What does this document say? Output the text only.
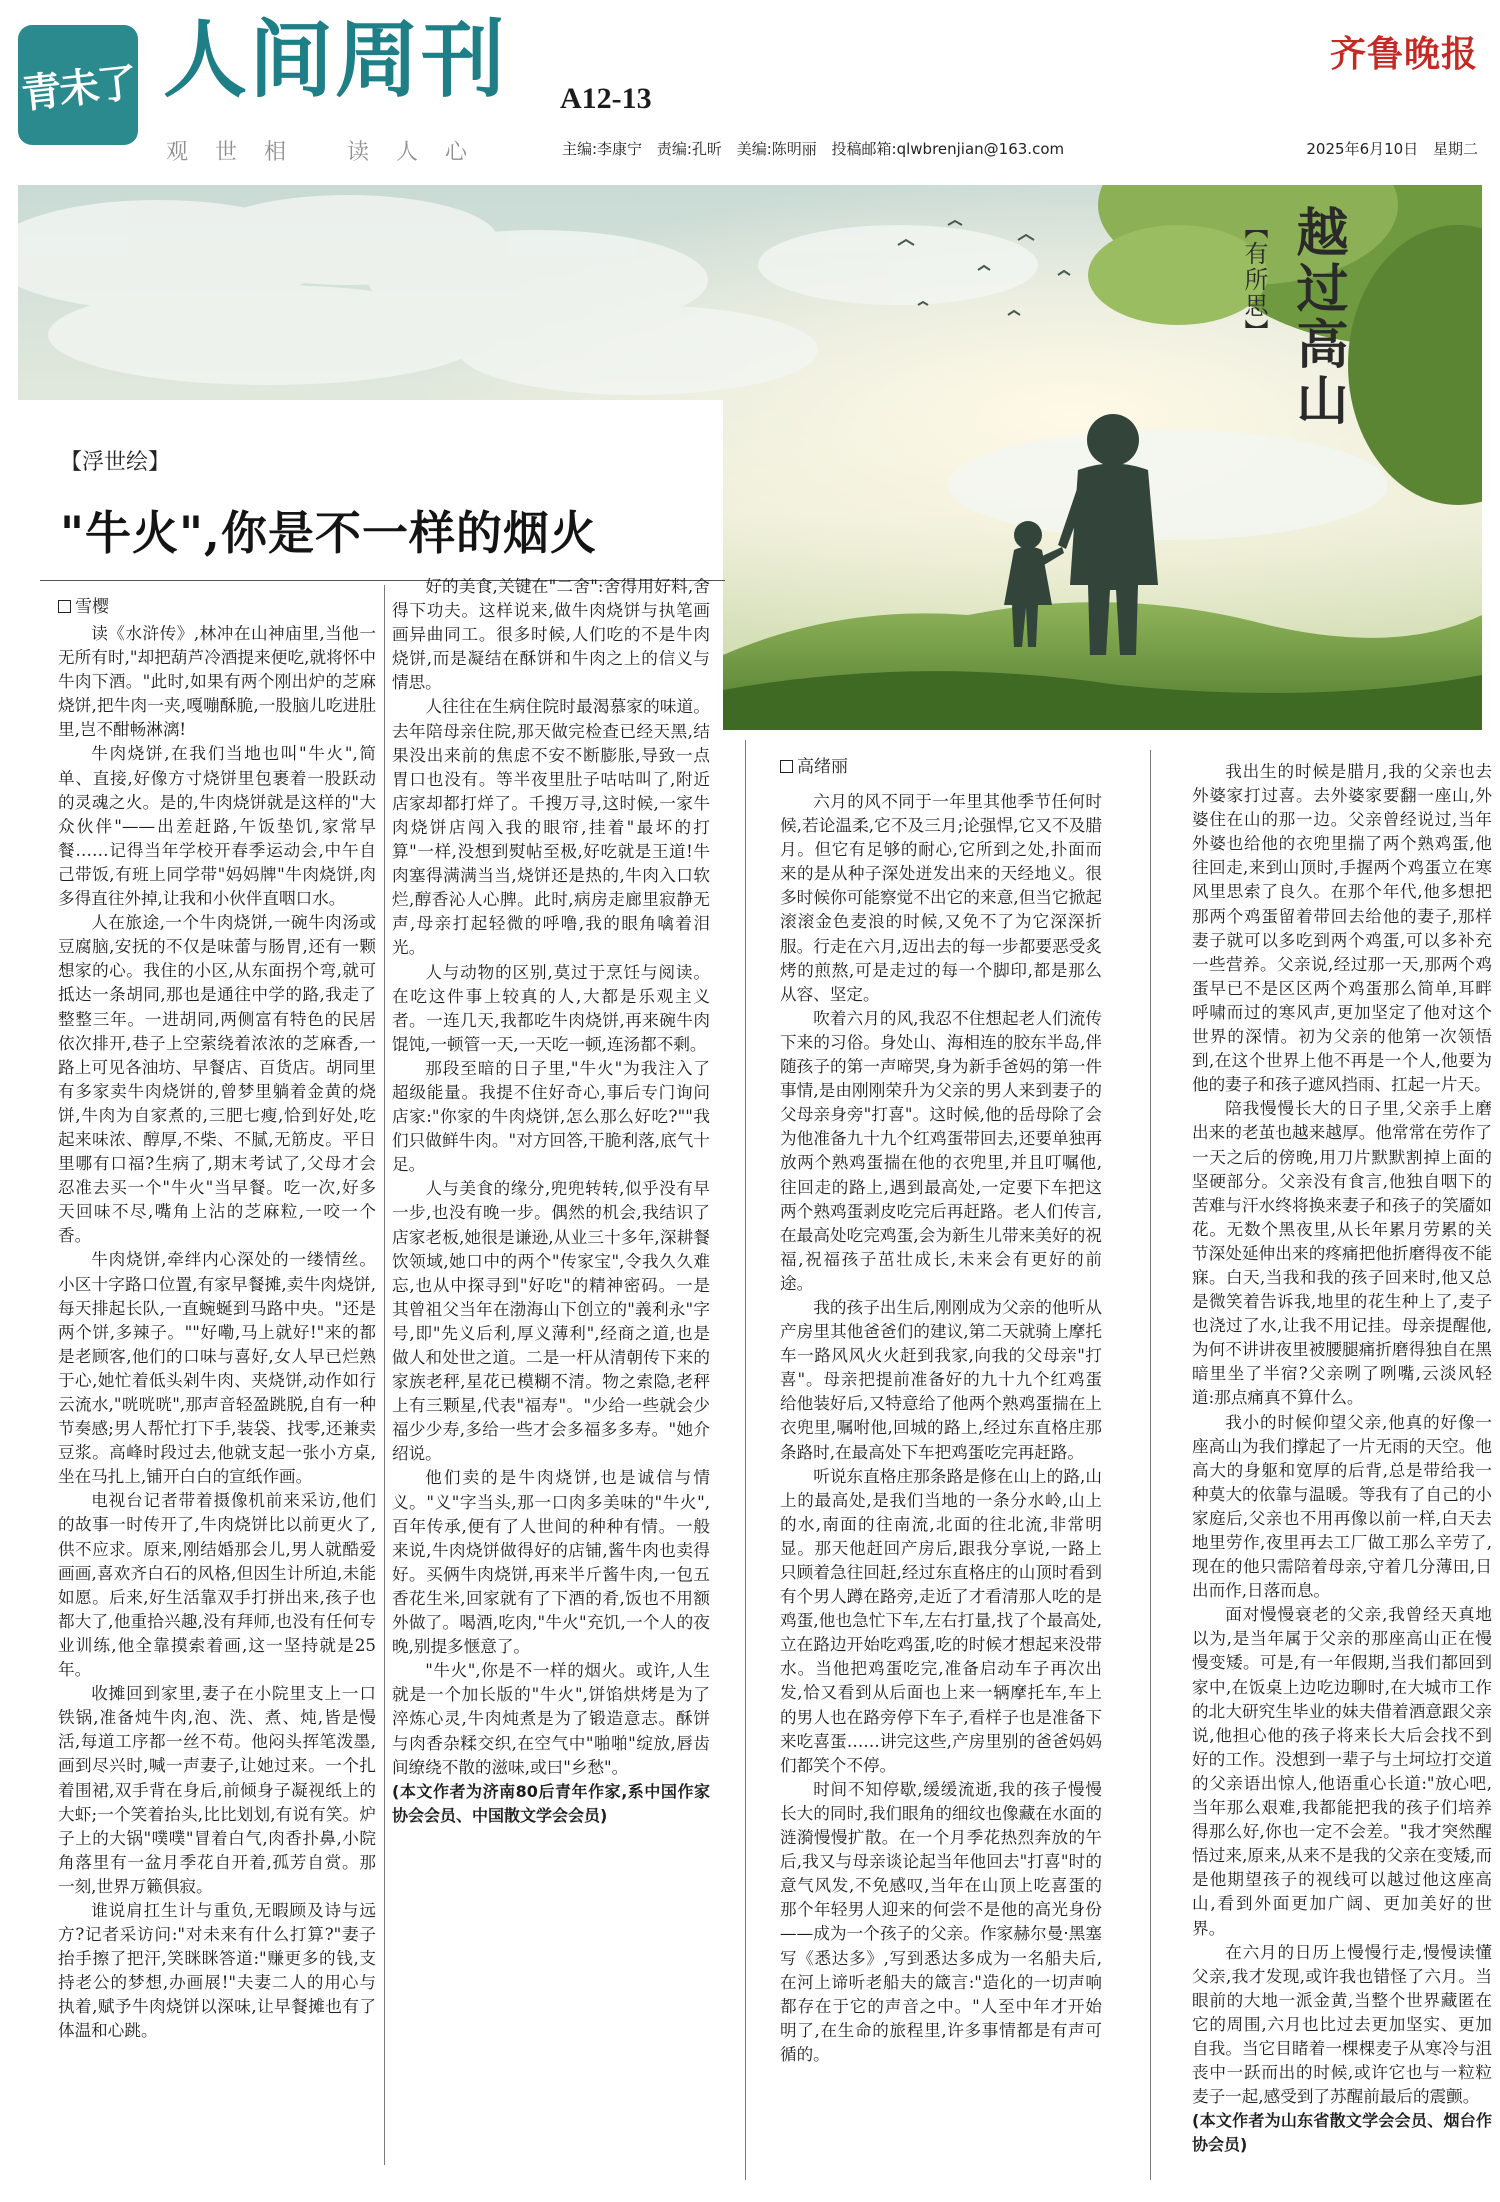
青未了 人间周刊 A12-13
齐鲁晚报
观世相 读人心	主编:李康宁 责编:孔昕 美编:陈明丽 投稿邮箱:qlwbrenjian@163.com	2025年6月10日 星期二
【有所思】 越过高山
【浮世绘】
"牛火",你是不一样的烟火
雪樱

读《水浒传》,林冲在山神庙里,当他一无所有时,"却把葫芦冷酒提来便吃,就将怀中牛肉下酒。"此时,如果有两个刚出炉的芝麻烧饼,把牛肉一夹,嘎嘣酥脆,一股脑儿吃进肚里,岂不酣畅淋漓!

牛肉烧饼,在我们当地也叫"牛火",简单、直接,好像方寸烧饼里包裹着一股跃动的灵魂之火。是的,牛肉烧饼就是这样的"大众伙伴"——出差赶路,午饭垫饥,家常早餐……记得当年学校开春季运动会,中午自己带饭,有班上同学带"妈妈牌"牛肉烧饼,肉多得直往外掉,让我和小伙伴直咽口水。

人在旅途,一个牛肉烧饼,一碗牛肉汤或豆腐脑,安抚的不仅是味蕾与肠胃,还有一颗想家的心。我住的小区,从东面拐个弯,就可抵达一条胡同,那也是通往中学的路,我走了整整三年。一进胡同,两侧富有特色的民居依次排开,巷子上空萦绕着浓浓的芝麻香,一路上可见各油坊、早餐店、百货店。胡同里有多家卖牛肉烧饼的,曾梦里躺着金黄的烧饼,牛肉为自家煮的,三肥七瘦,恰到好处,吃起来味浓、醇厚,不柴、不腻,无筋皮。平日里哪有口福?生病了,期末考试了,父母才会忍准去买一个"牛火"当早餐。吃一次,好多天回味不尽,嘴角上沾的芝麻粒,一咬一个香。

牛肉烧饼,牵绊内心深处的一缕情丝。小区十字路口位置,有家早餐摊,卖牛肉烧饼,每天排起长队,一直蜿蜒到马路中央。"还是两个饼,多辣子。""好嘞,马上就好!"来的都是老顾客,他们的口味与喜好,女人早已烂熟于心,她忙着低头剁牛肉、夹烧饼,动作如行云流水,"咣咣咣",那声音轻盈跳脱,自有一种节奏感;男人帮忙打下手,装袋、找零,还兼卖豆浆。高峰时段过去,他就支起一张小方桌,坐在马扎上,铺开白白的宣纸作画。

电视台记者带着摄像机前来采访,他们的故事一时传开了,牛肉烧饼比以前更火了,供不应求。原来,刚结婚那会儿,男人就酷爱画画,喜欢齐白石的风格,但因生计所迫,未能如愿。后来,好生活靠双手打拼出来,孩子也都大了,他重拾兴趣,没有拜师,也没有任何专业训练,他全靠摸索着画,这一坚持就是25年。

收摊回到家里,妻子在小院里支上一口铁锅,准备炖牛肉,泡、洗、煮、炖,皆是慢活,每道工序都一丝不苟。他闷头挥笔泼墨,画到尽兴时,喊一声妻子,让她过来。一个扎着围裙,双手背在身后,前倾身子凝视纸上的大虾;一个笑着抬头,比比划划,有说有笑。炉子上的大锅"噗噗"冒着白气,肉香扑鼻,小院角落里有一盆月季花自开着,孤芳自赏。那一刻,世界万籁俱寂。

谁说肩扛生计与重负,无暇顾及诗与远方?记者采访问:"对未来有什么打算?"妻子抬手擦了把汗,笑眯眯答道:"赚更多的钱,支持老公的梦想,办画展!"夫妻二人的用心与执着,赋予牛肉烧饼以深味,让早餐摊也有了体温和心跳。

好的美食,关键在"二舍":舍得用好料,舍得下功夫。这样说来,做牛肉烧饼与执笔画画异曲同工。很多时候,人们吃的不是牛肉烧饼,而是凝结在酥饼和牛肉之上的信义与情思。

人往往在生病住院时最渴慕家的味道。去年陪母亲住院,那天做完检查已经天黑,结果没出来前的焦虑不安不断膨胀,导致一点胃口也没有。等半夜里肚子咕咕叫了,附近店家却都打烊了。千搜万寻,这时候,一家牛肉烧饼店闯入我的眼帘,挂着"最坏的打算"一样,没想到熨帖至极,好吃就是王道!牛肉塞得满满当当,烧饼还是热的,牛肉入口软烂,醇香沁人心脾。此时,病房走廊里寂静无声,母亲打起轻微的呼噜,我的眼角噙着泪光。

人与动物的区别,莫过于烹饪与阅读。在吃这件事上较真的人,大都是乐观主义者。一连几天,我都吃牛肉烧饼,再来碗牛肉馄饨,一顿管一天,一天吃一顿,连汤都不剩。

那段至暗的日子里,"牛火"为我注入了超级能量。我提不住好奇心,事后专门询问店家:"你家的牛肉烧饼,怎么那么好吃?""我们只做鲜牛肉。"对方回答,干脆利落,底气十足。

人与美食的缘分,兜兜转转,似乎没有早一步,也没有晚一步。偶然的机会,我结识了店家老板,她很是谦逊,从业三十多年,深耕餐饮领域,她口中的两个"传家宝",令我久久难忘,也从中探寻到"好吃"的精神密码。一是其曾祖父当年在渤海山下创立的"義利永"字号,即"先义后利,厚义薄利",经商之道,也是做人和处世之道。二是一杆从清朝传下来的家族老秤,星花已模糊不清。物之索隐,老秤上有三颗星,代表"福寿"。"少给一些就会少福少少寿,多给一些才会多福多多寿。"她介绍说。

他们卖的是牛肉烧饼,也是诚信与情义。"义"字当头,那一口肉多美味的"牛火",百年传承,便有了人世间的种种有情。一般来说,牛肉烧饼做得好的店铺,酱牛肉也卖得好。买俩牛肉烧饼,再来半斤酱牛肉,一包五香花生米,回家就有了下酒的肴,饭也不用额外做了。喝酒,吃肉,"牛火"充饥,一个人的夜晚,别提多惬意了。

"牛火",你是不一样的烟火。或许,人生就是一个加长版的"牛火",饼馅烘烤是为了淬炼心灵,牛肉炖煮是为了锻造意志。酥饼与肉香杂糅交织,在空气中"啪啪"绽放,唇齿间缭绕不散的滋味,或曰"乡愁"。

(本文作者为济南80后青年作家,系中国作家协会会员、中国散文学会会员)

高绪丽

六月的风不同于一年里其他季节任何时候,若论温柔,它不及三月;论强悍,它又不及腊月。但它有足够的耐心,它所到之处,扑面而来的是从种子深处迸发出来的天经地义。很多时候你可能察觉不出它的来意,但当它掀起滚滚金色麦浪的时候,又免不了为它深深折服。行走在六月,迈出去的每一步都要恶受炙烤的煎熬,可是走过的每一个脚印,都是那么从容、坚定。

吹着六月的风,我忍不住想起老人们流传下来的习俗。身处山、海相连的胶东半岛,伴随孩子的第一声啼哭,身为新手爸妈的第一件事情,是由刚刚荣升为父亲的男人来到妻子的父母亲身旁"打喜"。这时候,他的岳母除了会为他准备九十九个红鸡蛋带回去,还要单独再放两个熟鸡蛋揣在他的衣兜里,并且叮嘱他,往回走的路上,遇到最高处,一定要下车把这两个熟鸡蛋剥皮吃完后再赶路。老人们传言,在最高处吃完鸡蛋,会为新生儿带来美好的祝福,祝福孩子茁壮成长,未来会有更好的前途。

我的孩子出生后,刚刚成为父亲的他听从产房里其他爸爸们的建议,第二天就骑上摩托车一路风风火火赶到我家,向我的父母亲"打喜"。母亲把提前准备好的九十九个红鸡蛋给他装好后,又特意给了他两个熟鸡蛋揣在上衣兜里,嘱咐他,回城的路上,经过东直格庄那条路时,在最高处下车把鸡蛋吃完再赶路。

听说东直格庄那条路是修在山上的路,山上的最高处,是我们当地的一条分水岭,山上的水,南面的往南流,北面的往北流,非常明显。那天他赶回产房后,跟我分享说,一路上只顾着急往回赶,经过东直格庄的山顶时看到有个男人蹲在路旁,走近了才看清那人吃的是鸡蛋,他也急忙下车,左右打量,找了个最高处,立在路边开始吃鸡蛋,吃的时候才想起来没带水。当他把鸡蛋吃完,准备启动车子再次出发,恰又看到从后面也上来一辆摩托车,车上的男人也在路旁停下车子,看样子也是准备下来吃喜蛋……讲完这些,产房里别的爸爸妈妈们都笑个不停。

时间不知停歇,缓缓流逝,我的孩子慢慢长大的同时,我们眼角的细纹也像藏在水面的涟漪慢慢扩散。在一个月季花热烈奔放的午后,我又与母亲谈论起当年他回去"打喜"时的意气风发,不免感叹,当年在山顶上吃喜蛋的那个年轻男人迎来的何尝不是他的高光身份——成为一个孩子的父亲。作家赫尔曼·黑塞写《悉达多》,写到悉达多成为一名船夫后,在河上谛听老船夫的箴言:"造化的一切声响都存在于它的声音之中。"人至中年才开始明了,在生命的旅程里,许多事情都是有声可循的。

我出生的时候是腊月,我的父亲也去外婆家打过喜。去外婆家要翻一座山,外婆住在山的那一边。父亲曾经说过,当年外婆也给他的衣兜里揣了两个熟鸡蛋,他往回走,来到山顶时,手握两个鸡蛋立在寒风里思索了良久。在那个年代,他多想把那两个鸡蛋留着带回去给他的妻子,那样妻子就可以多吃到两个鸡蛋,可以多补充一些营养。父亲说,经过那一天,那两个鸡蛋早已不是区区两个鸡蛋那么简单,耳畔呼啸而过的寒风声,更加坚定了他对这个世界的深情。初为父亲的他第一次领悟到,在这个世界上他不再是一个人,他要为他的妻子和孩子遮风挡雨、扛起一片天。

陪我慢慢长大的日子里,父亲手上磨出来的老茧也越来越厚。他常常在劳作了一天之后的傍晚,用刀片默默割掉上面的坚硬部分。父亲没有食言,他独自咽下的苦难与汗水终将换来妻子和孩子的笑靥如花。无数个黑夜里,从长年累月劳累的关节深处延伸出来的疼痛把他折磨得夜不能寐。白天,当我和我的孩子回来时,他又总是微笑着告诉我,地里的花生种上了,麦子也浇过了水,让我不用记挂。母亲提醒他,为何不讲讲夜里被腰腿痛折磨得独自在黑暗里坐了半宿?父亲咧了咧嘴,云淡风轻道:那点痛真不算什么。

我小的时候仰望父亲,他真的好像一座高山为我们撑起了一片无雨的天空。他高大的身躯和宽厚的后背,总是带给我一种莫大的依靠与温暖。等我有了自己的小家庭后,父亲也不用再像以前一样,白天去地里劳作,夜里再去工厂做工那么辛劳了,现在的他只需陪着母亲,守着几分薄田,日出而作,日落而息。

面对慢慢衰老的父亲,我曾经天真地以为,是当年属于父亲的那座高山正在慢慢变矮。可是,有一年假期,当我们都回到家中,在饭桌上边吃边聊时,在大城市工作的北大研究生毕业的妹夫借着酒意跟父亲说,他担心他的孩子将来长大后会找不到好的工作。没想到一辈子与土坷垃打交道的父亲语出惊人,他语重心长道:"放心吧,当年那么艰难,我都能把我的孩子们培养得那么好,你也一定不会差。"我才突然醒悟过来,原来,从来不是我的父亲在变矮,而是他期望孩子的视线可以越过他这座高山,看到外面更加广阔、更加美好的世界。

在六月的日历上慢慢行走,慢慢读懂父亲,我才发现,或许我也错怪了六月。当眼前的大地一派金黄,当整个世界藏匿在它的周围,六月也比过去更加坚实、更加自我。当它目睹着一棵棵麦子从寒冷与沮丧中一跃而出的时候,或许它也与一粒粒麦子一起,感受到了苏醒前最后的震颤。

(本文作者为山东省散文学会会员、烟台作协会员)
